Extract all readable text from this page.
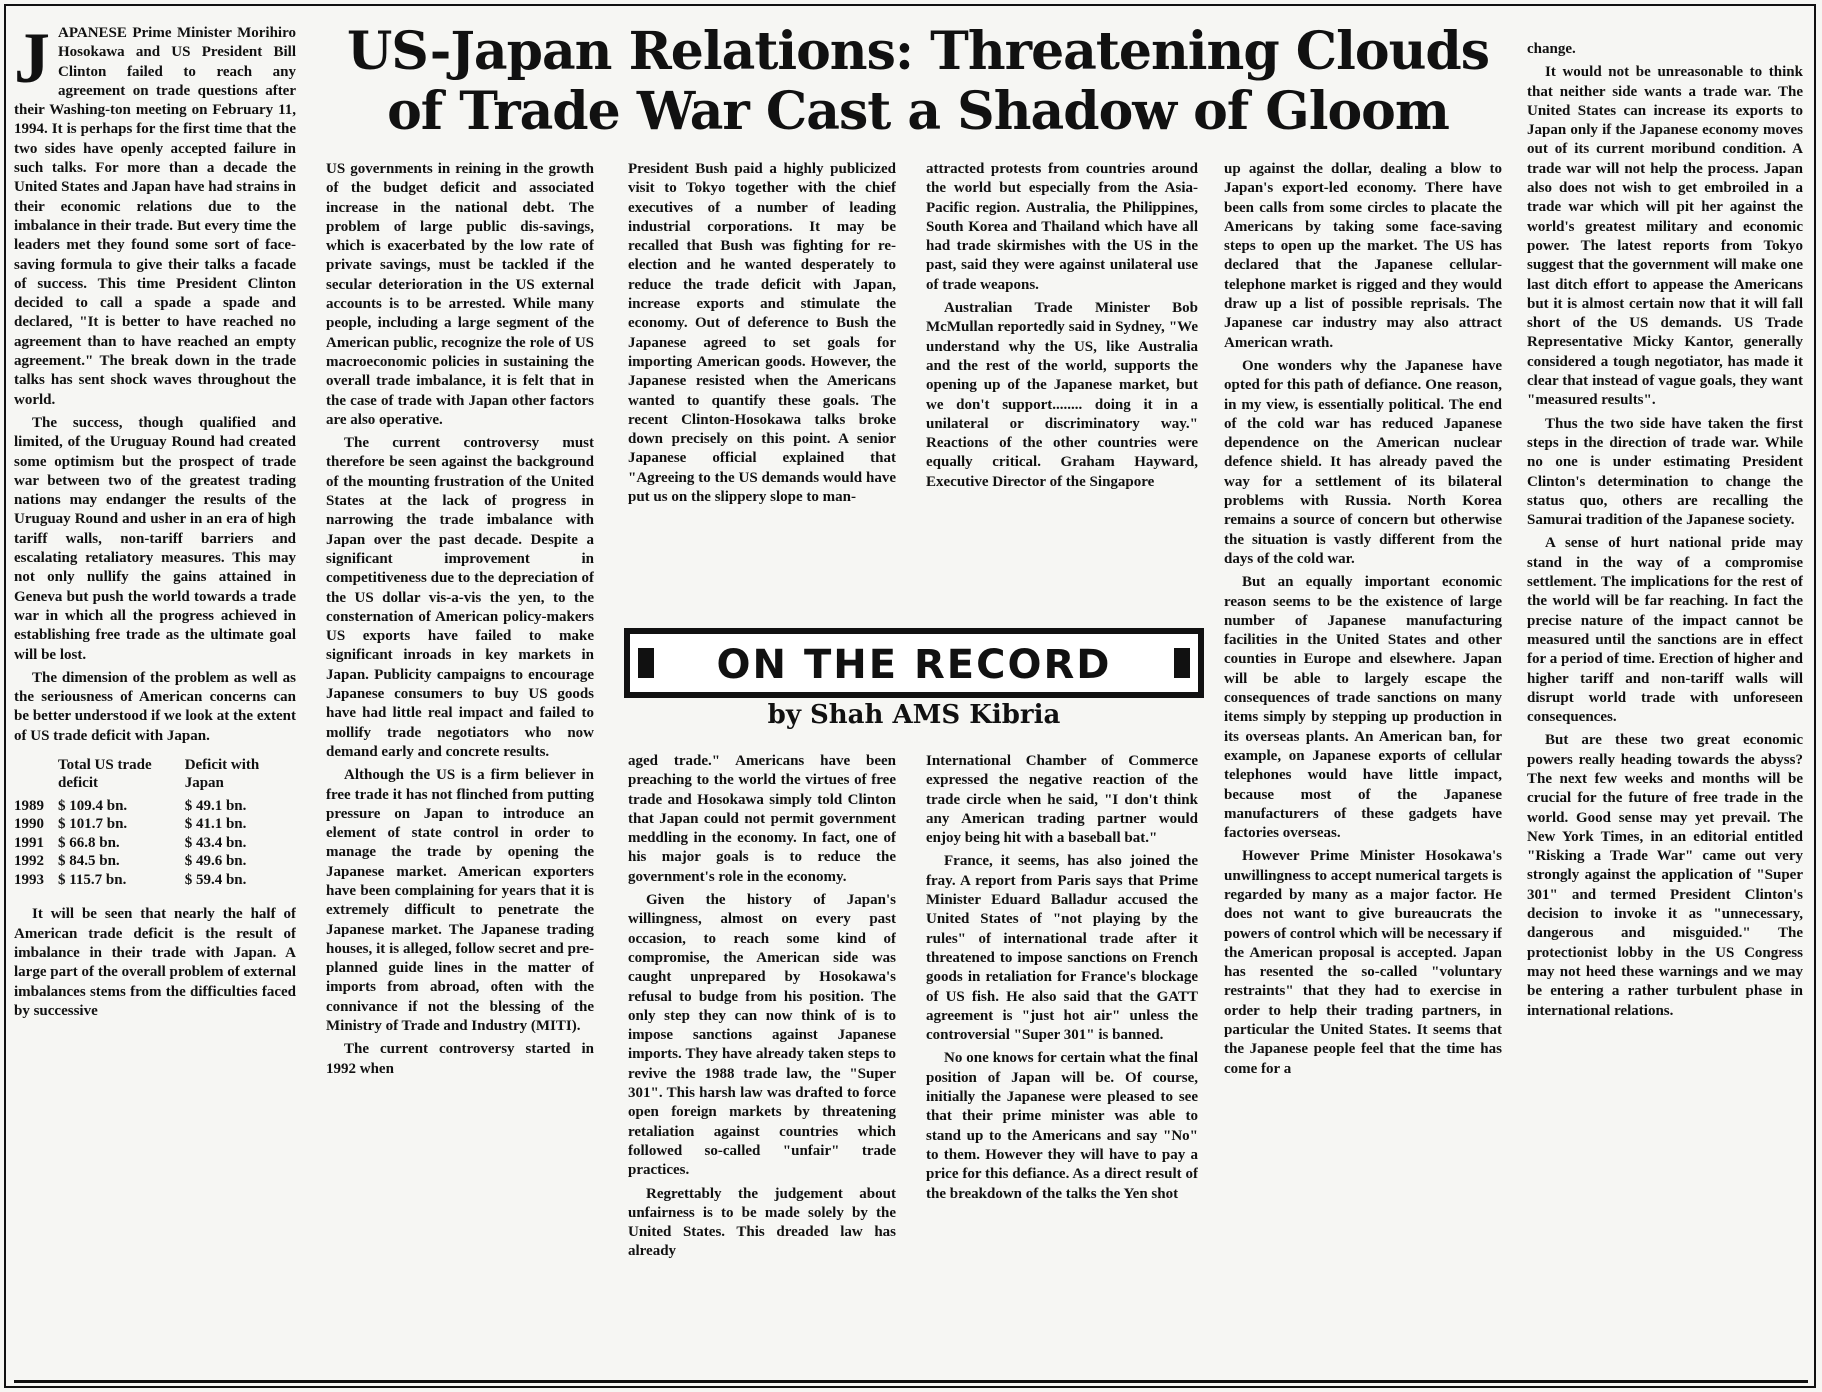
US-Japan Relations: Threatening Clouds
of Trade War Cast a Shadow of Gloom

JAPANESE Prime Minister Morihiro Hosokawa and US President Bill Clinton failed to reach any agreement on trade questions after their Washing-ton meeting on February 11, 1994. It is perhaps for the first time that the two sides have openly accepted failure in such talks. For more than a decade the United States and Japan have had strains in their economic relations due to the imbalance in their trade. But every time the leaders met they found some sort of face-saving formula to give their talks a facade of success. This time President Clinton decided to call a spade a spade and declared, "It is better to have reached no agreement than to have reached an empty agreement." The break down in the trade talks has sent shock waves throughout the world.

The success, though qualified and limited, of the Uruguay Round had created some optimism but the prospect of trade war between two of the greatest trading nations may endanger the results of the Uruguay Round and usher in an era of high tariff walls, non-tariff barriers and escalating retaliatory measures. This may not only nullify the gains attained in Geneva but push the world towards a trade war in which all the progress achieved in establishing free trade as the ultimate goal will be lost.

The dimension of the problem as well as the seriousness of American concerns can be better understood if we look at the extent of US trade deficit with Japan.

	Total US trade deficit	Deficit with Japan
1989	$ 109.4 bn.	$ 49.1 bn.
1990	$ 101.7 bn.	$ 41.1 bn.
1991	$ 66.8 bn.	$ 43.4 bn.
1992	$ 84.5 bn.	$ 49.6 bn.
1993	$ 115.7 bn.	$ 59.4 bn.

It will be seen that nearly the half of American trade deficit is the result of imbalance in their trade with Japan. A large part of the overall problem of external imbalances stems from the difficulties faced by successive

US governments in reining in the growth of the budget deficit and associated increase in the national debt. The problem of large public dis-savings, which is exacerbated by the low rate of private savings, must be tackled if the secular deterioration in the US external accounts is to be arrested. While many people, including a large segment of the American public, recognize the role of US macroeconomic policies in sustaining the overall trade imbalance, it is felt that in the case of trade with Japan other factors are also operative.

The current controversy must therefore be seen against the background of the mounting frustration of the United States at the lack of progress in narrowing the trade imbalance with Japan over the past decade. Despite a significant improvement in competitiveness due to the depreciation of the US dollar vis-a-vis the yen, to the consternation of American policy-makers US exports have failed to make significant inroads in key markets in Japan. Publicity campaigns to encourage Japanese consumers to buy US goods have had little real impact and failed to mollify trade negotiators who now demand early and concrete results.

Although the US is a firm believer in free trade it has not flinched from putting pressure on Japan to introduce an element of state control in order to manage the trade by opening the Japanese market. American exporters have been complaining for years that it is extremely difficult to penetrate the Japanese market. The Japanese trading houses, it is alleged, follow secret and pre-planned guide lines in the matter of imports from abroad, often with the connivance if not the blessing of the Ministry of Trade and Industry (MITI).

The current controversy started in 1992 when

President Bush paid a highly publicized visit to Tokyo together with the chief executives of a number of leading industrial corporations. It may be recalled that Bush was fighting for re-election and he wanted desperately to reduce the trade deficit with Japan, increase exports and stimulate the economy. Out of deference to Bush the Japanese agreed to set goals for importing American goods. However, the Japanese resisted when the Americans wanted to quantify these goals. The recent Clinton-Hosokawa talks broke down precisely on this point. A senior Japanese official explained that "Agreeing to the US demands would have put us on the slippery slope to man-

aged trade." Americans have been preaching to the world the virtues of free trade and Hosokawa simply told Clinton that Japan could not permit government meddling in the economy. In fact, one of his major goals is to reduce the government's role in the economy.

Given the history of Japan's willingness, almost on every past occasion, to reach some kind of compromise, the American side was caught unprepared by Hosokawa's refusal to budge from his position. The only step they can now think of is to impose sanctions against Japanese imports. They have already taken steps to revive the 1988 trade law, the "Super 301". This harsh law was drafted to force open foreign markets by threatening retaliation against countries which followed so-called "unfair" trade practices.

Regrettably the judgement about unfairness is to be made solely by the United States. This dreaded law has already

attracted protests from countries around the world but especially from the Asia-Pacific region. Australia, the Philippines, South Korea and Thailand which have all had trade skirmishes with the US in the past, said they were against unilateral use of trade weapons.

Australian Trade Minister Bob McMullan reportedly said in Sydney, "We understand why the US, like Australia and the rest of the world, supports the opening up of the Japanese market, but we don't support........ doing it in a unilateral or discriminatory way." Reactions of the other countries were equally critical. Graham Hayward, Executive Director of the Singapore

International Chamber of Commerce expressed the negative reaction of the trade circle when he said, "I don't think any American trading partner would enjoy being hit with a baseball bat."

France, it seems, has also joined the fray. A report from Paris says that Prime Minister Eduard Balladur accused the United States of "not playing by the rules" of international trade after it threatened to impose sanctions on French goods in retaliation for France's blockage of US fish. He also said that the GATT agreement is "just hot air" unless the controversial "Super 301" is banned.

No one knows for certain what the final position of Japan will be. Of course, initially the Japanese were pleased to see that their prime minister was able to stand up to the Americans and say "No" to them. However they will have to pay a price for this defiance. As a direct result of the breakdown of the talks the Yen shot

up against the dollar, dealing a blow to Japan's export-led economy. There have been calls from some circles to placate the Americans by taking some face-saving steps to open up the market. The US has declared that the Japanese cellular-telephone market is rigged and they would draw up a list of possible reprisals. The Japanese car industry may also attract American wrath.

One wonders why the Japanese have opted for this path of defiance. One reason, in my view, is essentially political. The end of the cold war has reduced Japanese dependence on the American nuclear defence shield. It has already paved the way for a settlement of its bilateral problems with Russia. North Korea remains a source of concern but otherwise the situation is vastly different from the days of the cold war.

But an equally important economic reason seems to be the existence of large number of Japanese manufacturing facilities in the United States and other counties in Europe and elsewhere. Japan will be able to largely escape the consequences of trade sanctions on many items simply by stepping up production in its overseas plants. An American ban, for example, on Japanese exports of cellular telephones would have little impact, because most of the Japanese manufacturers of these gadgets have factories overseas.

However Prime Minister Hosokawa's unwillingness to accept numerical targets is regarded by many as a major factor. He does not want to give bureaucrats the powers of control which will be necessary if the American proposal is accepted. Japan has resented the so-called "voluntary restraints" that they had to exercise in order to help their trading partners, in particular the United States. It seems that the Japanese people feel that the time has come for a

change.

It would not be unreasonable to think that neither side wants a trade war. The United States can increase its exports to Japan only if the Japanese economy moves out of its current moribund condition. A trade war will not help the process. Japan also does not wish to get embroiled in a trade war which will pit her against the world's greatest military and economic power. The latest reports from Tokyo suggest that the government will make one last ditch effort to appease the Americans but it is almost certain now that it will fall short of the US demands. US Trade Representative Micky Kantor, generally considered a tough negotiator, has made it clear that instead of vague goals, they want "measured results".

Thus the two side have taken the first steps in the direction of trade war. While no one is under estimating President Clinton's determination to change the status quo, others are recalling the Samurai tradition of the Japanese society.

A sense of hurt national pride may stand in the way of a compromise settlement. The implications for the rest of the world will be far reaching. In fact the precise nature of the impact cannot be measured until the sanctions are in effect for a period of time. Erection of higher and higher tariff and non-tariff walls will disrupt world trade with unforeseen consequences.

But are these two great economic powers really heading towards the abyss? The next few weeks and months will be crucial for the future of free trade in the world. Good sense may yet prevail. The New York Times, in an editorial entitled "Risking a Trade War" came out very strongly against the application of "Super 301" and termed President Clinton's decision to invoke it as "unnecessary, dangerous and misguided." The protectionist lobby in the US Congress may not heed these warnings and we may be entering a rather turbulent phase in international relations.

ON THE RECORD
by Shah AMS Kibria
